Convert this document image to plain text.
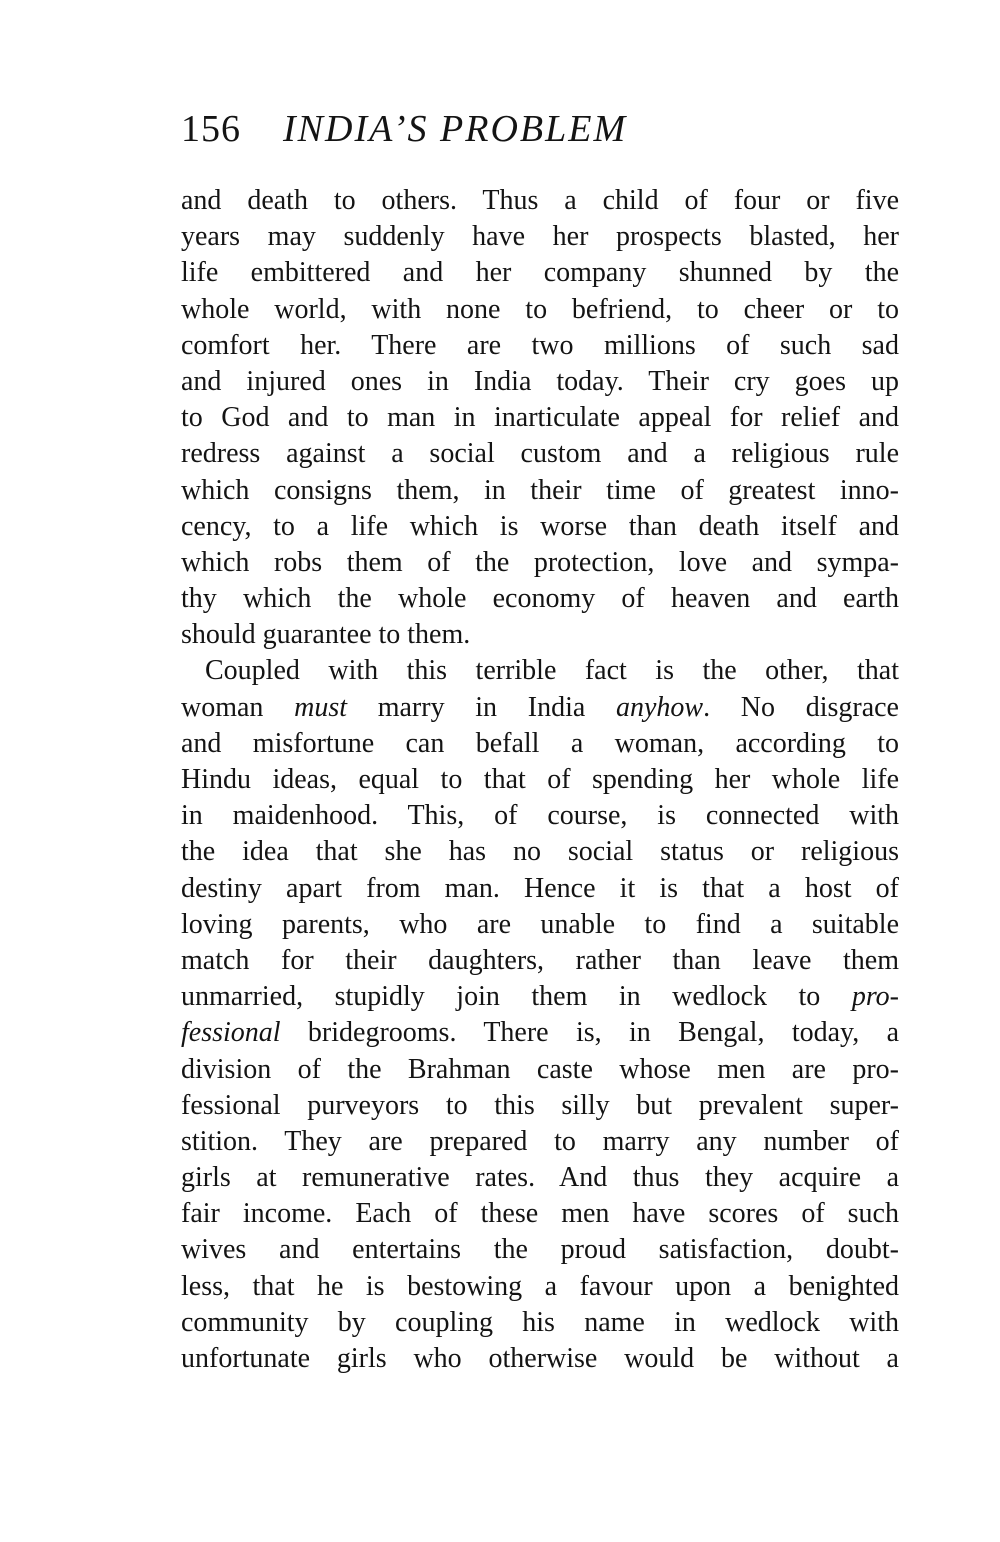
156 INDIA’S PROBLEM
and death to others. Thus a child of four or five
years may suddenly have her prospects blasted, her
life embittered and her company shunned by the
whole world, with none to befriend, to cheer or to
comfort her. There are two millions of such sad
and injured ones in India today. Their cry goes up
to God and to man in inarticulate appeal for relief and
redress against a social custom and a religious rule
which consigns them, in their time of greatest inno-
cency, to a life which is worse than death itself and
which robs them of the protection, love and sympa-
thy which the whole economy of heaven and earth
should guarantee to them.
Coupled with this terrible fact is the other, that
woman must marry in India anyhow. No disgrace
and misfortune can befall a woman, according to
Hindu ideas, equal to that of spending her whole life
in maidenhood. This, of course, is connected with
the idea that she has no social status or religious
destiny apart from man. Hence it is that a host of
loving parents, who are unable to find a suitable
match for their daughters, rather than leave them
unmarried, stupidly join them in wedlock to pro-
fessional bridegrooms. There is, in Bengal, today, a
division of the Brahman caste whose men are pro-
fessional purveyors to this silly but prevalent super-
stition. They are prepared to marry any number of
girls at remunerative rates. And thus they acquire a
fair income. Each of these men have scores of such
wives and entertains the proud satisfaction, doubt-
less, that he is bestowing a favour upon a benighted
community by coupling his name in wedlock with
unfortunate girls who otherwise would be without a
